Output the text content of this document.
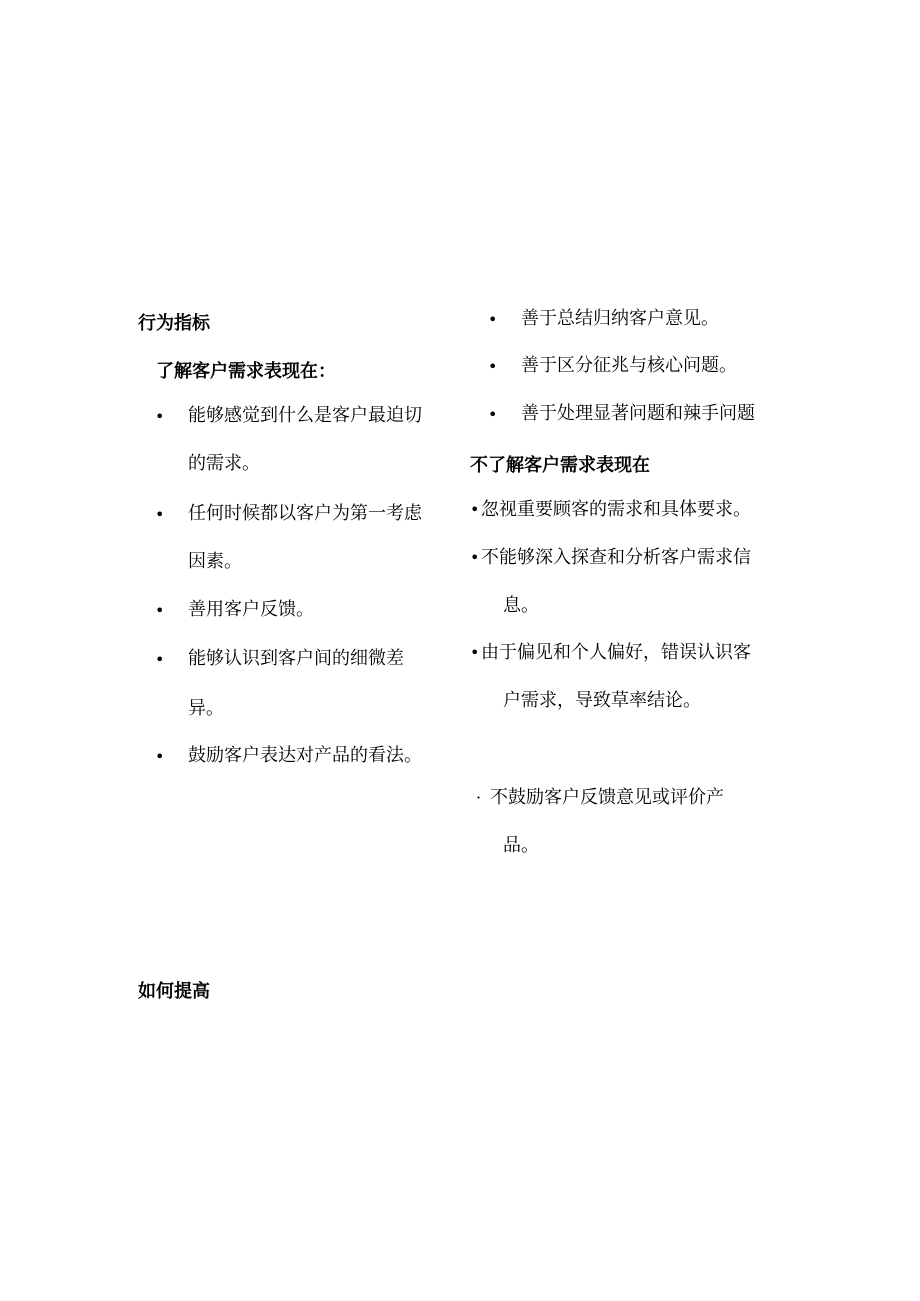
行为指标
了解客户需求表现在：
• 能够感觉到什么是客户最迫切
的需求。
• 任何时候都以客户为第一考虑
因素。
• 善用客户反馈。
• 能够认识到客户间的细微差
异。
• 鼓励客户表达对产品的看法。
• 善于总结归纳客户意见。
• 善于区分征兆与核心问题。
• 善于处理显著问题和辣手问题
不了解客户需求表现在
• 忽视重要顾客的需求和具体要求。
• 不能够深入探查和分析客户需求信
息。
• 由于偏见和个人偏好，错误认识客
户需求，导致草率结论。
· 不鼓励客户反馈意见或评价产
品。
如何提高
